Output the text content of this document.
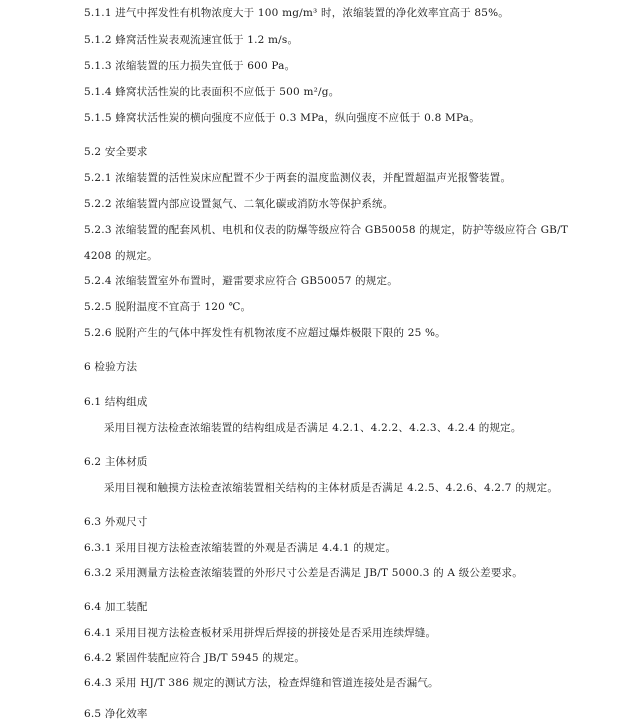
5.1.1 进气中挥发性有机物浓度大于 100 mg/m³ 时，浓缩装置的净化效率宜高于 85%。
5.1.2 蜂窝活性炭表观流速宜低于 1.2 m/s。
5.1.3 浓缩装置的压力损失宜低于 600 Pa。
5.1.4 蜂窝状活性炭的比表面积不应低于 500 m²/g。
5.1.5 蜂窝状活性炭的横向强度不应低于 0.3 MPa，纵向强度不应低于 0.8 MPa。
5.2 安全要求
5.2.1 浓缩装置的活性炭床应配置不少于两套的温度监测仪表，并配置超温声光报警装置。
5.2.2 浓缩装置内部应设置氮气、二氧化碳或消防水等保护系统。
5.2.3 浓缩装置的配套风机、电机和仪表的防爆等级应符合 GB50058 的规定，防护等级应符合 GB/T
4208 的规定。
5.2.4 浓缩装置室外布置时，避雷要求应符合 GB50057 的规定。
5.2.5 脱附温度不宜高于 120 ℃。
5.2.6 脱附产生的气体中挥发性有机物浓度不应超过爆炸极限下限的 25 %。
6 检验方法
6.1 结构组成
采用目视方法检查浓缩装置的结构组成是否满足 4.2.1、4.2.2、4.2.3、4.2.4 的规定。
6.2 主体材质
采用目视和触摸方法检查浓缩装置相关结构的主体材质是否满足 4.2.5、4.2.6、4.2.7 的规定。
6.3 外观尺寸
6.3.1 采用目视方法检查浓缩装置的外观是否满足 4.4.1 的规定。
6.3.2 采用测量方法检查浓缩装置的外形尺寸公差是否满足 JB/T 5000.3 的 A 级公差要求。
6.4 加工装配
6.4.1 采用目视方法检查板材采用拼焊后焊接的拼接处是否采用连续焊缝。
6.4.2 紧固件装配应符合 JB/T 5945 的规定。
6.4.3 采用 HJ/T 386 规定的测试方法，检查焊缝和管道连接处是否漏气。
6.5 净化效率
